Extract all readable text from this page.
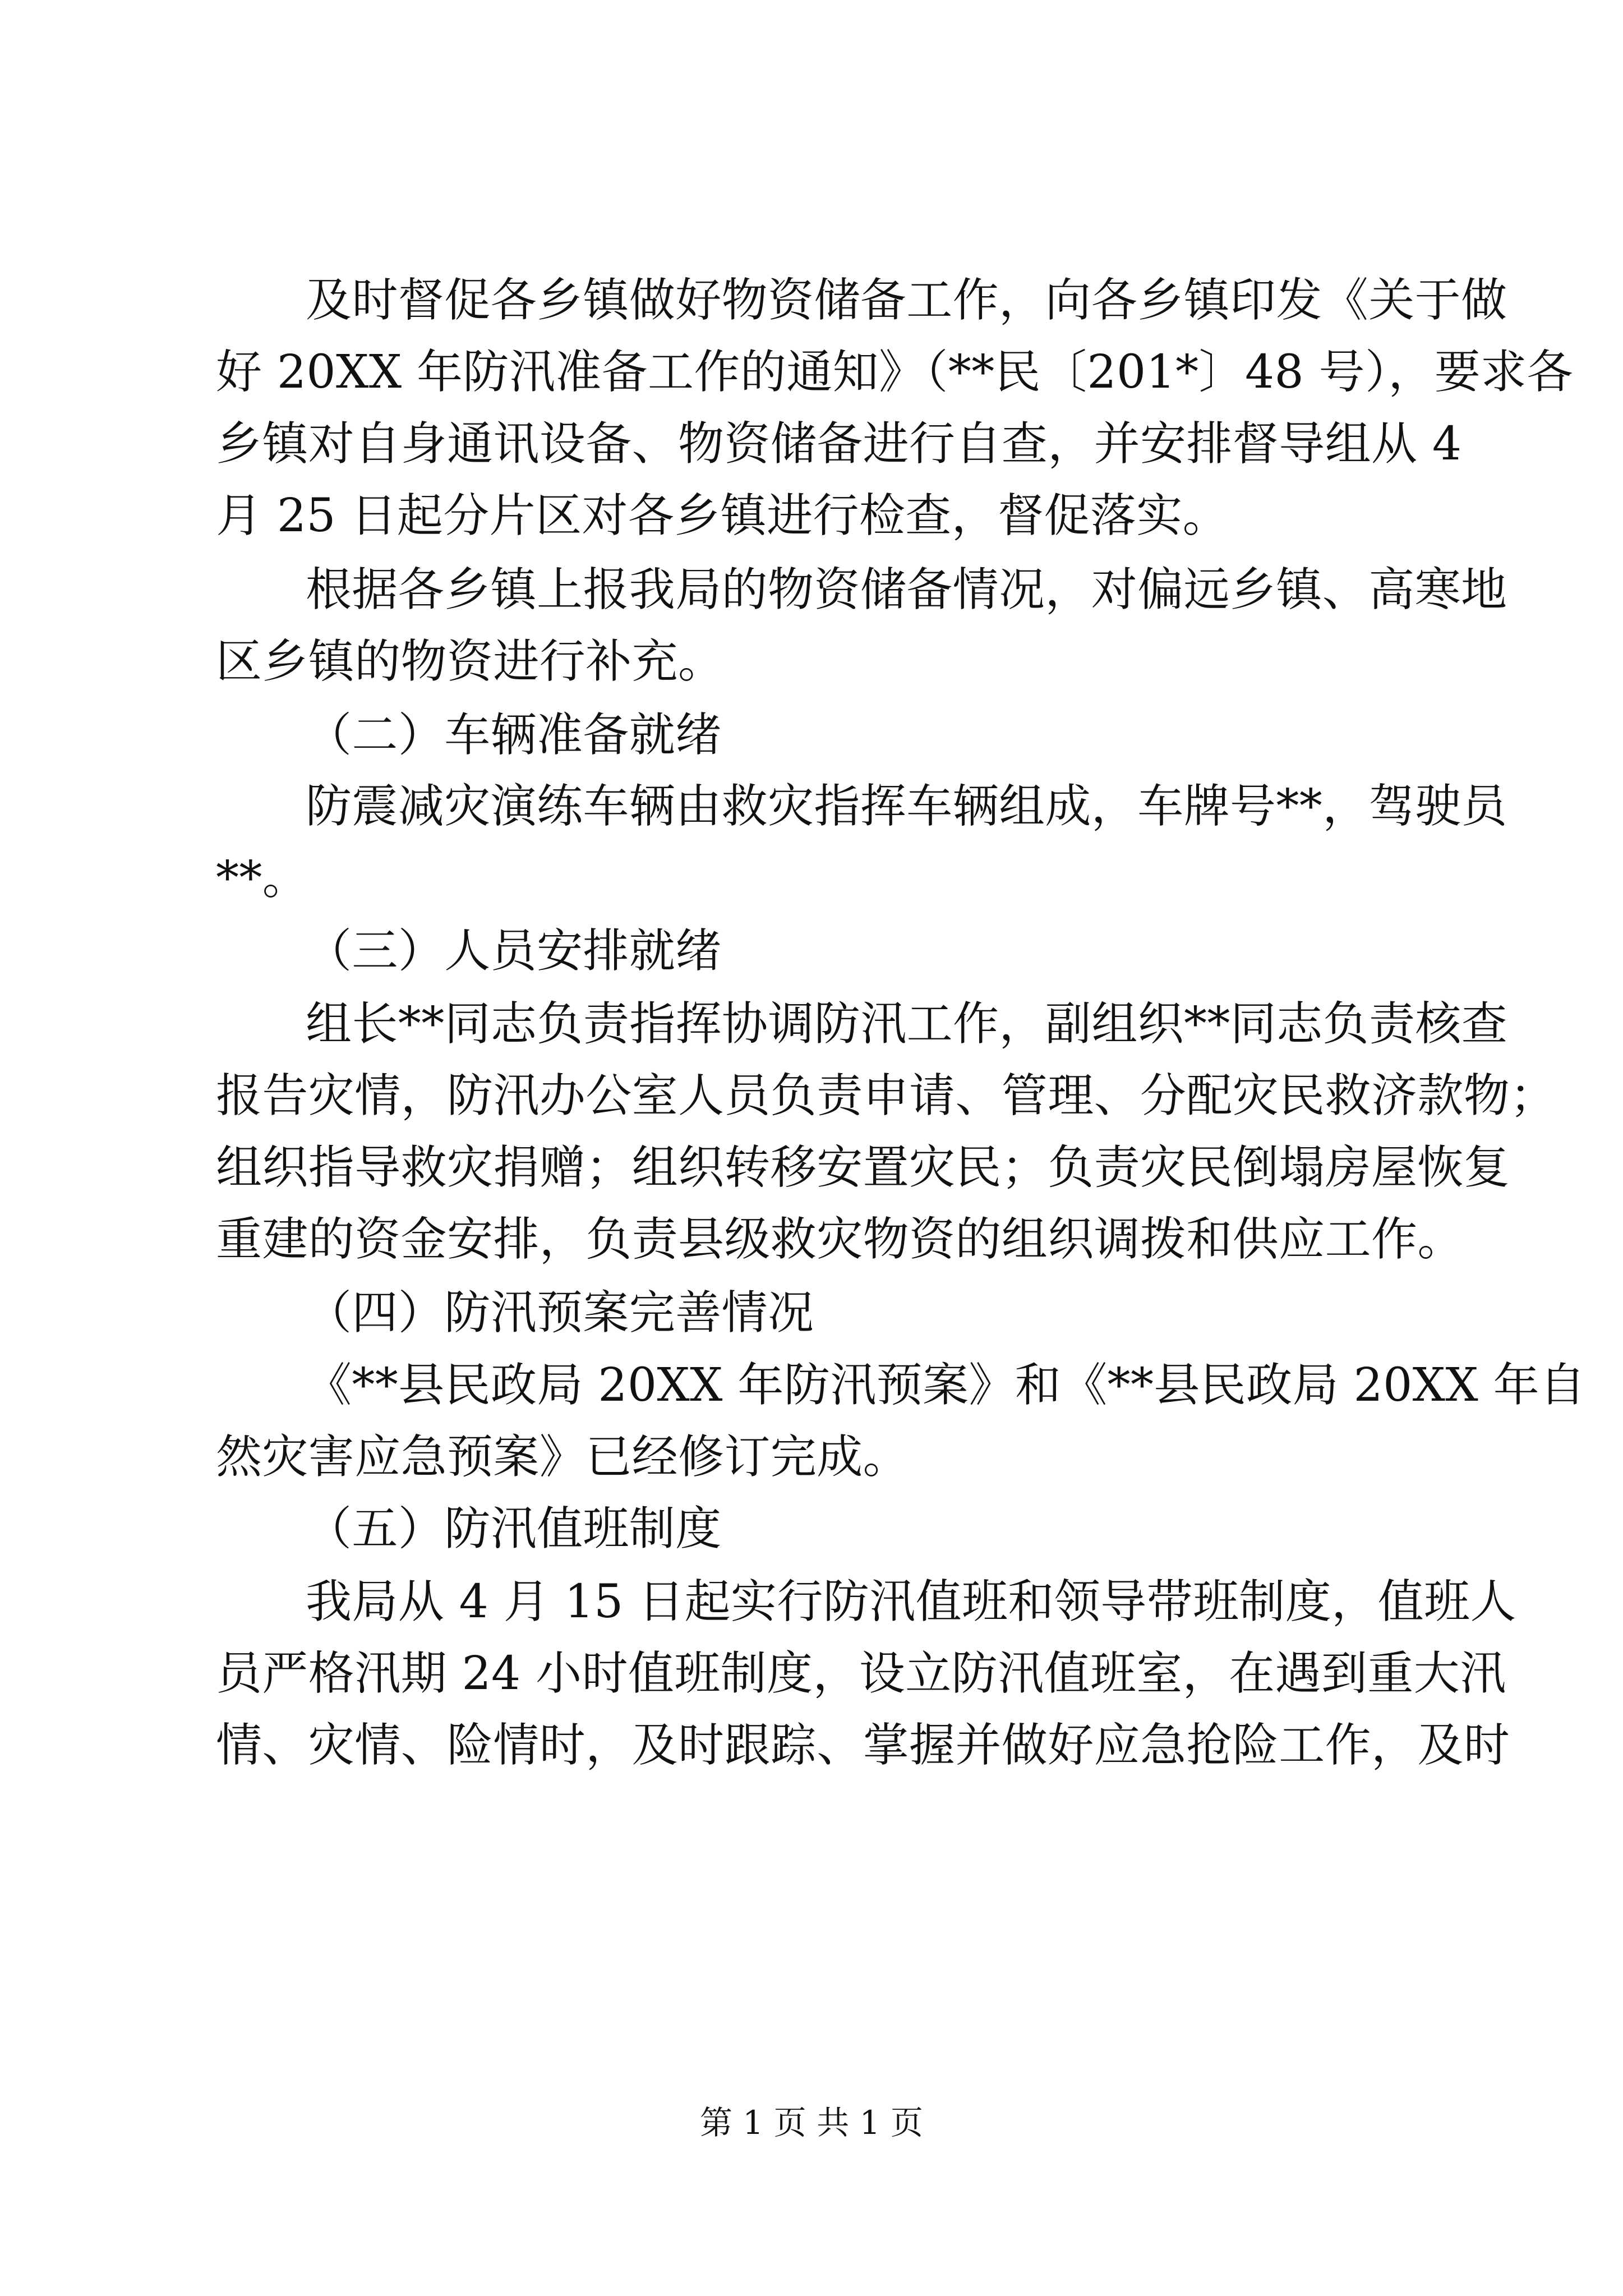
及时督促各乡镇做好物资储备工作，向各乡镇印发《关于做
好 20XX 年防汛准备工作的通知》（**民〔201*〕48 号），要求各
乡镇对自身通讯设备、物资储备进行自查，并安排督导组从 4
月 25 日起分片区对各乡镇进行检查，督促落实。
根据各乡镇上报我局的物资储备情况，对偏远乡镇、高寒地
区乡镇的物资进行补充。
（二）车辆准备就绪
防震减灾演练车辆由救灾指挥车辆组成，车牌号**，驾驶员
**。
（三）人员安排就绪
组长**同志负责指挥协调防汛工作，副组织**同志负责核查
报告灾情，防汛办公室人员负责申请、管理、分配灾民救济款物；
组织指导救灾捐赠；组织转移安置灾民；负责灾民倒塌房屋恢复
重建的资金安排，负责县级救灾物资的组织调拨和供应工作。
（四）防汛预案完善情况
《**县民政局 20XX 年防汛预案》和《**县民政局 20XX 年自
然灾害应急预案》已经修订完成。
（五）防汛值班制度
我局从 4 月 15 日起实行防汛值班和领导带班制度，值班人
员严格汛期 24 小时值班制度，设立防汛值班室，在遇到重大汛
情、灾情、险情时，及时跟踪、掌握并做好应急抢险工作，及时
第 1 页 共 1 页
